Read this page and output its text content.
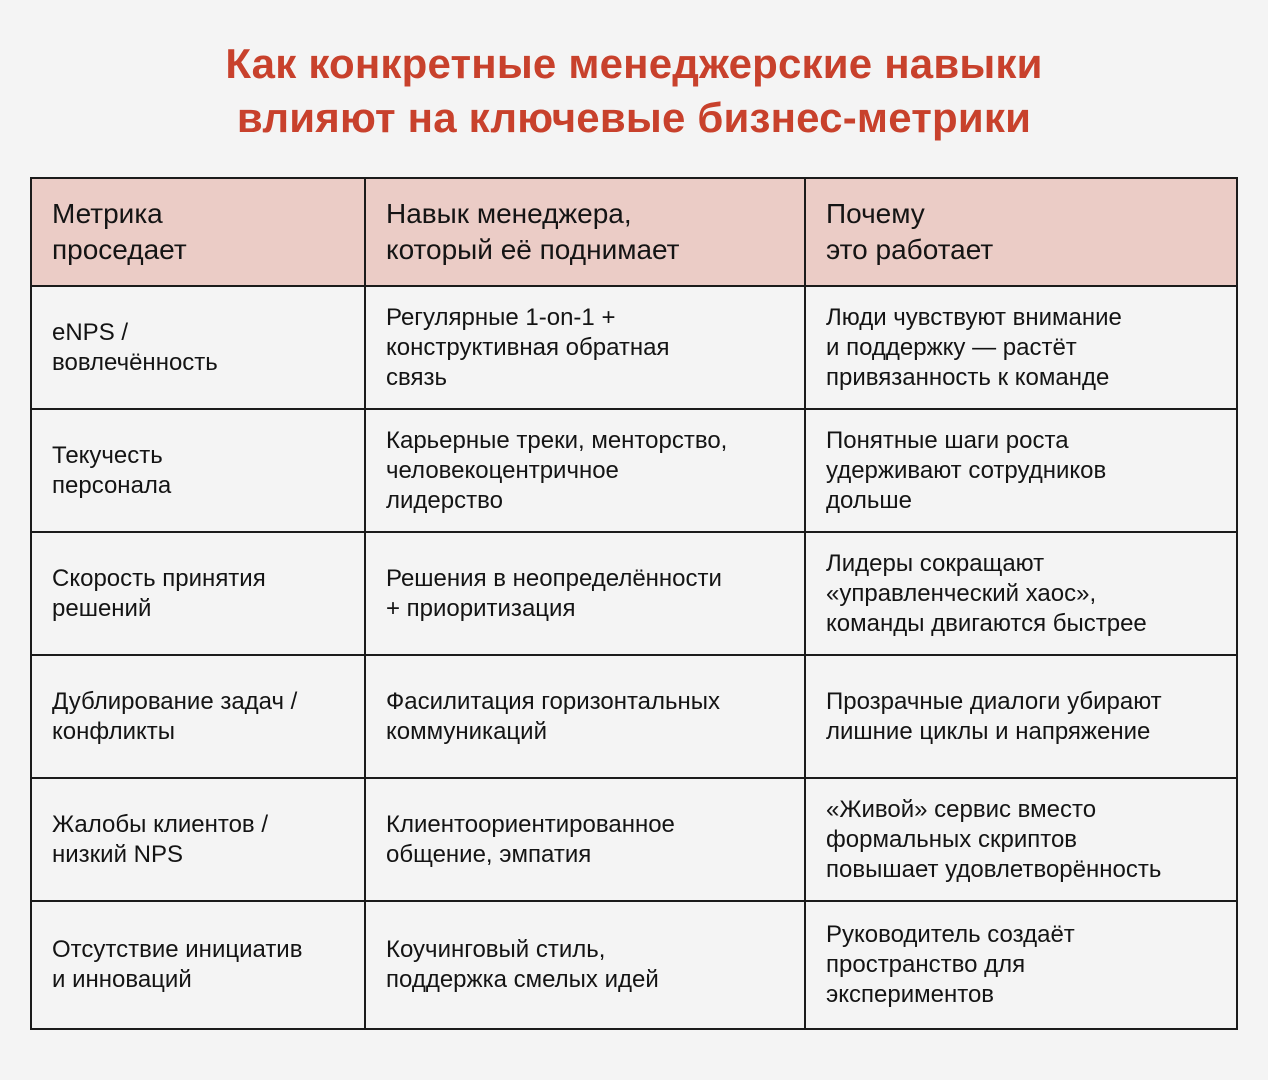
Как конкретные менеджерские навыки
влияют на ключевые бизнес-метрики
Метрика
проседает
Навык менеджера,
который её поднимает
Почему
это работает
eNPS /
вовлечённость
Регулярные 1-on-1 +
конструктивная обратная
связь
Люди чувствуют внимание
и поддержку — растёт
привязанность к команде
Текучесть
персонала
Карьерные треки, менторство,
человекоцентричное
лидерство
Понятные шаги роста
удерживают сотрудников
дольше
Скорость принятия
решений
Решения в неопределённости
+ приоритизация
Лидеры сокращают
«управленческий хаос»,
команды двигаются быстрее
Дублирование задач /
конфликты
Фасилитация горизонтальных
коммуникаций
Прозрачные диалоги убирают
лишние циклы и напряжение
Жалобы клиентов /
низкий NPS
Клиентоориентированное
общение, эмпатия
«Живой» сервис вместо
формальных скриптов
повышает удовлетворённость
Отсутствие инициатив
и инноваций
Коучинговый стиль,
поддержка смелых идей
Руководитель создаёт
пространство для
экспериментов
